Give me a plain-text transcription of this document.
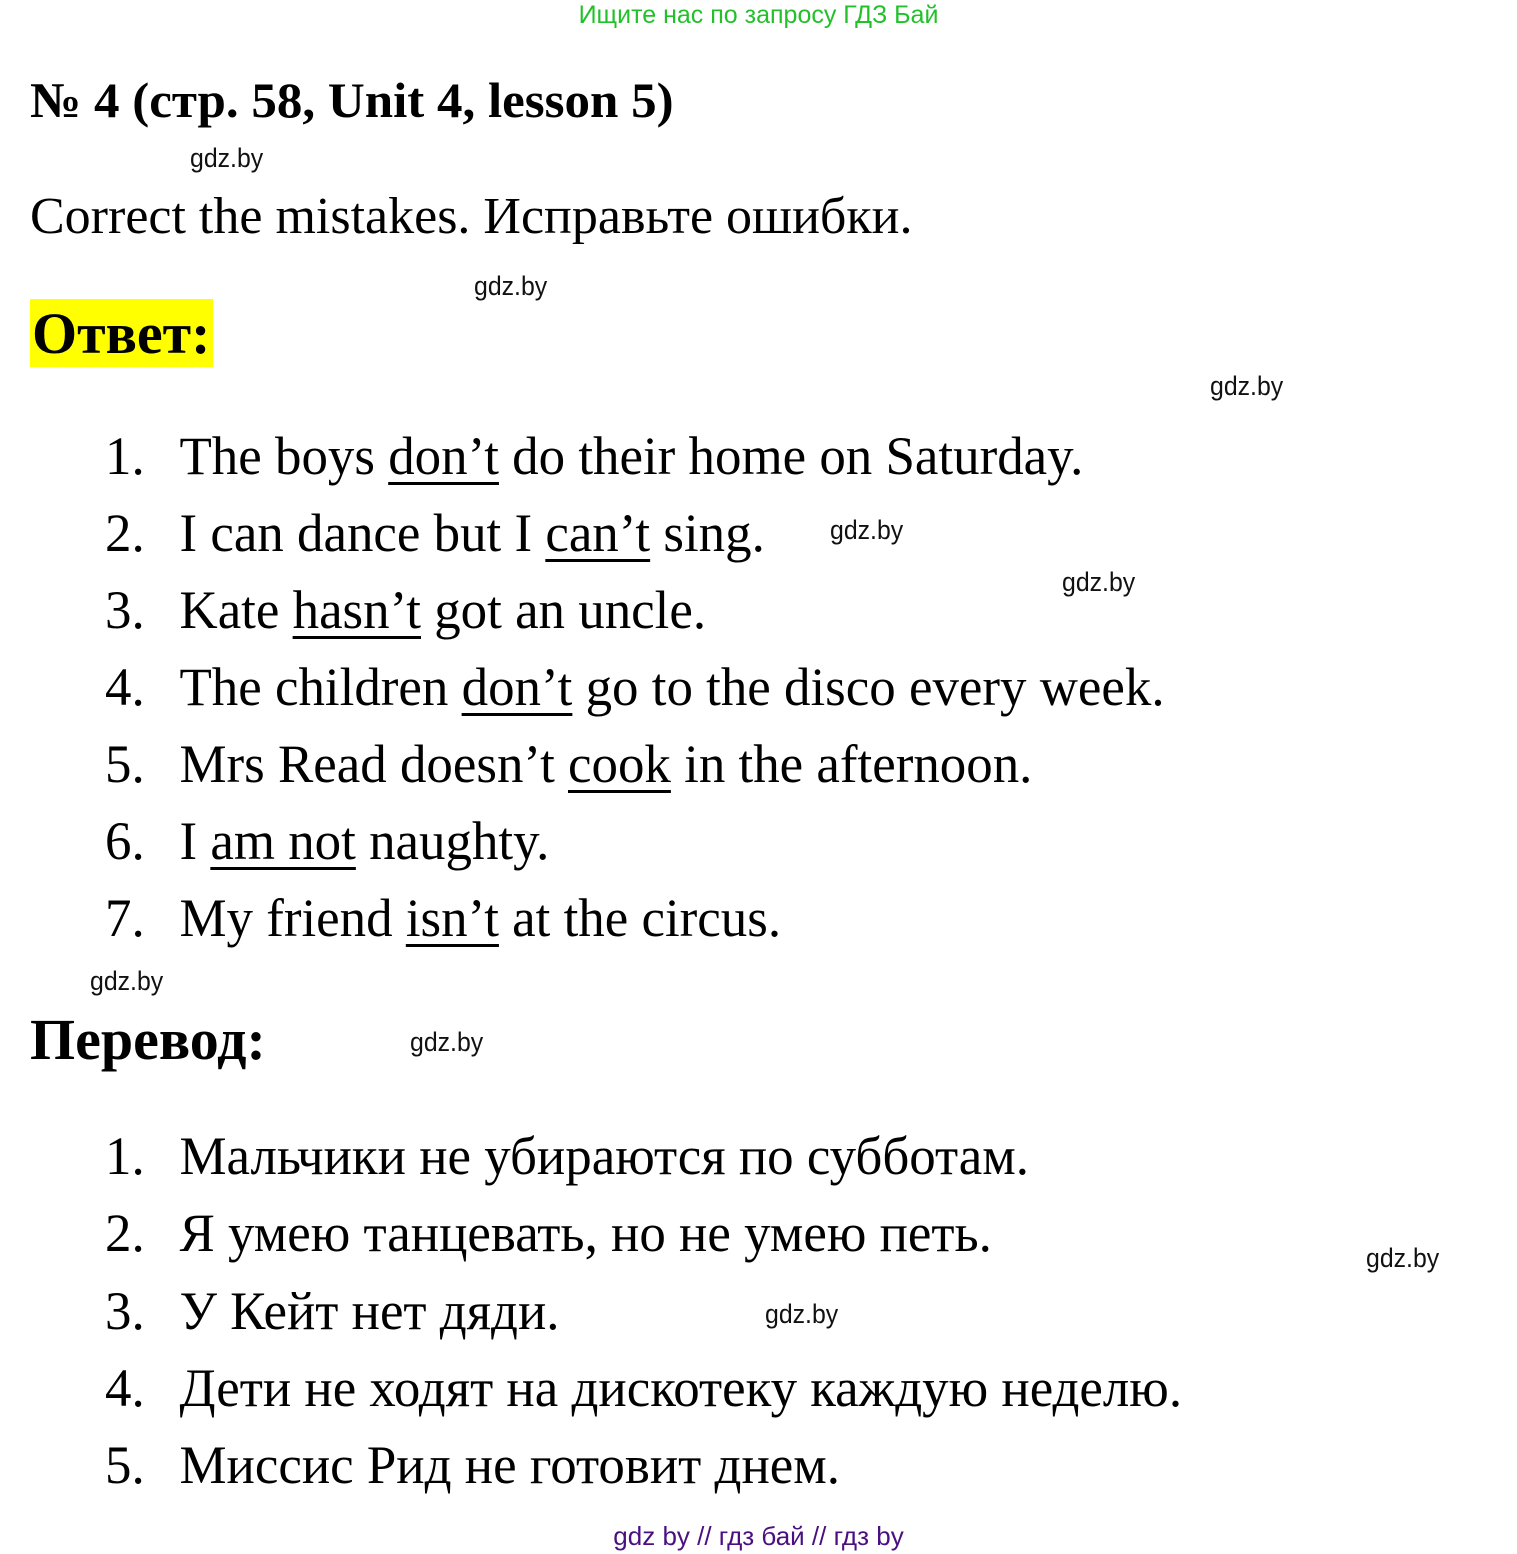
Ищите нас по запросу ГДЗ Бай
№ 4 (стр. 58, Unit 4, lesson 5)
gdz.by
Correct the mistakes. Исправьте ошибки.
gdz.by
Ответ:
gdz.by
1. The boys don’t do their home on Saturday.
2. I can dance but I can’t sing. gdz.by
3. Kate hasn’t got an uncle.	gdz.by
4. The children don’t go to the disco every week.
5. Mrs Read doesn’t cook in the afternoon.
6. I am not naughty.
7. My friend isn’t at the circus.
gdz.by
Перевод:	gdz.by
1. Мальчики не убираются по субботам.
2. Я умею танцевать, но не умею петь.	gdz.by
3. У Кейт нет дяди.	gdz.by
4. Дети не ходят на дискотеку каждую неделю.
5. Миссис Рид не готовит днем.
gdz by // гдз бай // гдз by
